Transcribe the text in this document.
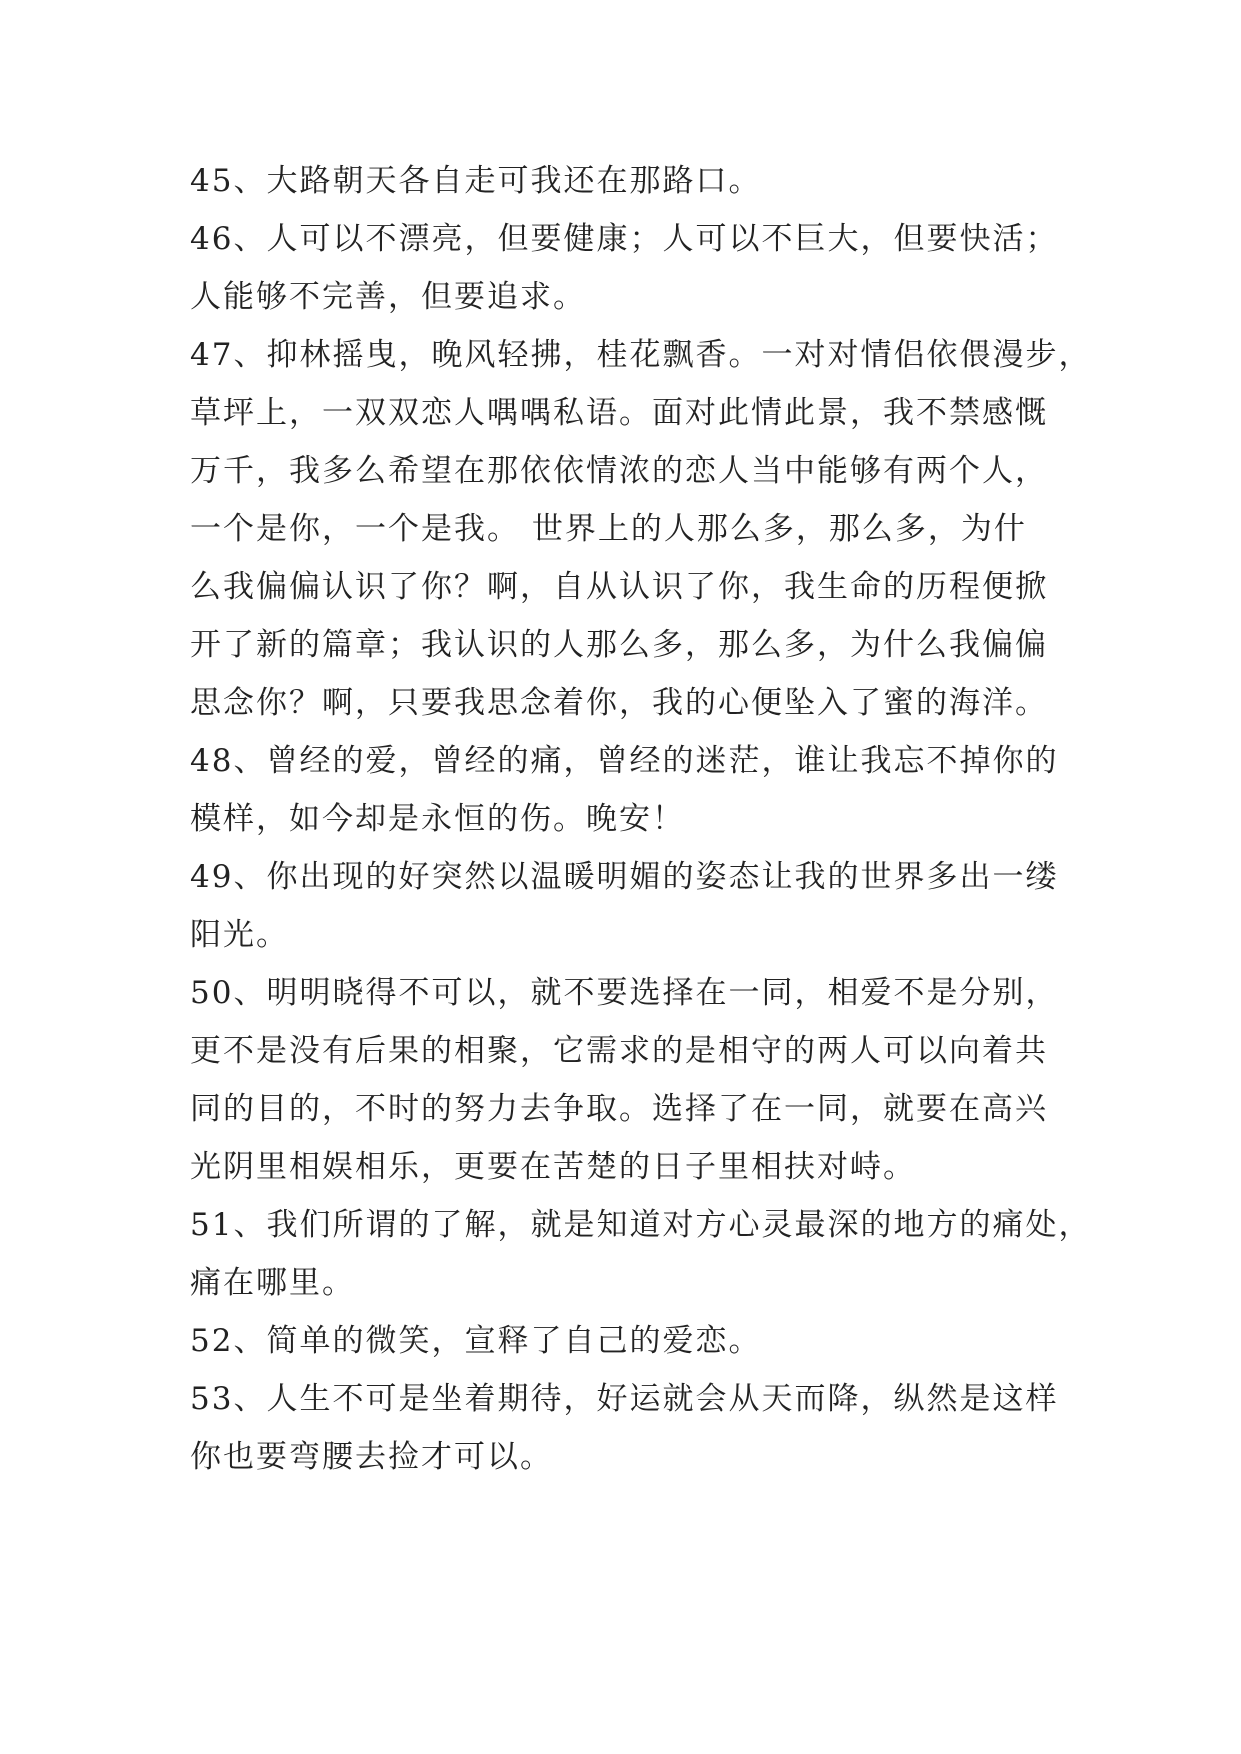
45、大路朝天各自走可我还在那路口。
46、人可以不漂亮，但要健康；人可以不巨大，但要快活；
人能够不完善，但要追求。
47、抑林摇曳，晚风轻拂，桂花飘香。一对对情侣依偎漫步，
草坪上，一双双恋人喁喁私语。面对此情此景，我不禁感慨
万千，我多么希望在那依依情浓的恋人当中能够有两个人，
一个是你，一个是我。 世界上的人那么多，那么多，为什
么我偏偏认识了你？啊，自从认识了你，我生命的历程便掀
开了新的篇章；我认识的人那么多，那么多，为什么我偏偏
思念你？啊，只要我思念着你，我的心便坠入了蜜的海洋。
48、曾经的爱，曾经的痛，曾经的迷茫，谁让我忘不掉你的
模样，如今却是永恒的伤。晚安！
49、你出现的好突然以温暖明媚的姿态让我的世界多出一缕
阳光。
50、明明晓得不可以，就不要选择在一同，相爱不是分别，
更不是没有后果的相聚，它需求的是相守的两人可以向着共
同的目的，不时的努力去争取。选择了在一同，就要在高兴
光阴里相娱相乐，更要在苦楚的日子里相扶对峙。
51、我们所谓的了解，就是知道对方心灵最深的地方的痛处，
痛在哪里。
52、简单的微笑，宣释了自己的爱恋。
53、人生不可是坐着期待，好运就会从天而降，纵然是这样
你也要弯腰去捡才可以。
